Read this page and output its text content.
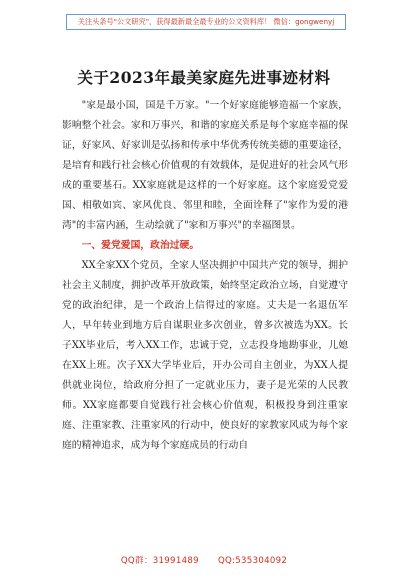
关注头条号"公文研究"，获得最新最全最专业的公文资料库！ 微信：gongwenyj
关于2023年最美家庭先进事迹材料

"家是最小国，国是千万家。"一个好家庭能够造福一个家族，影响整个社会。家和万事兴，和谐的家庭关系是每个家庭幸福的保证，好家风、好家训是弘扬和传承中华优秀传统美德的重要途径，是培育和践行社会核心价值观的有效载体，是促进好的社会风气形成的重要基石。XX家庭就是这样的一个好家庭。这个家庭爱党爱国、相敬如宾、家风优良、邻里和睦，全面诠释了"家作为爱的港湾"的丰富内涵，生动绘就了"家和万事兴"的幸福图景。

一、爱党爱国，政治过硬。

XX全家XX个党员，全家人坚决拥护中国共产党的领导，拥护社会主义制度，拥护改革开放政策，始终坚定政治立场，自觉遵守党的政治纪律，是一个政治上信得过的家庭。丈夫是一名退伍军人，早年转业到地方后自谋职业多次创业，曾多次被选为XX。长子XX毕业后，考入XX工作，忠诚于党，立志投身地勘事业，儿媳在XX上班。次子XX大学毕业后，开办公司自主创业，为XX人提供就业岗位，给政府分担了一定就业压力，妻子是光荣的人民教师。XX家庭都要自觉践行社会核心价值观，积极投身到注重家庭、注重家教、注重家风的行动中，使良好的家教家风成为每个家庭的精神追求，成为每个家庭成员的行动自

QQ群：31991489 QQ:535304092
